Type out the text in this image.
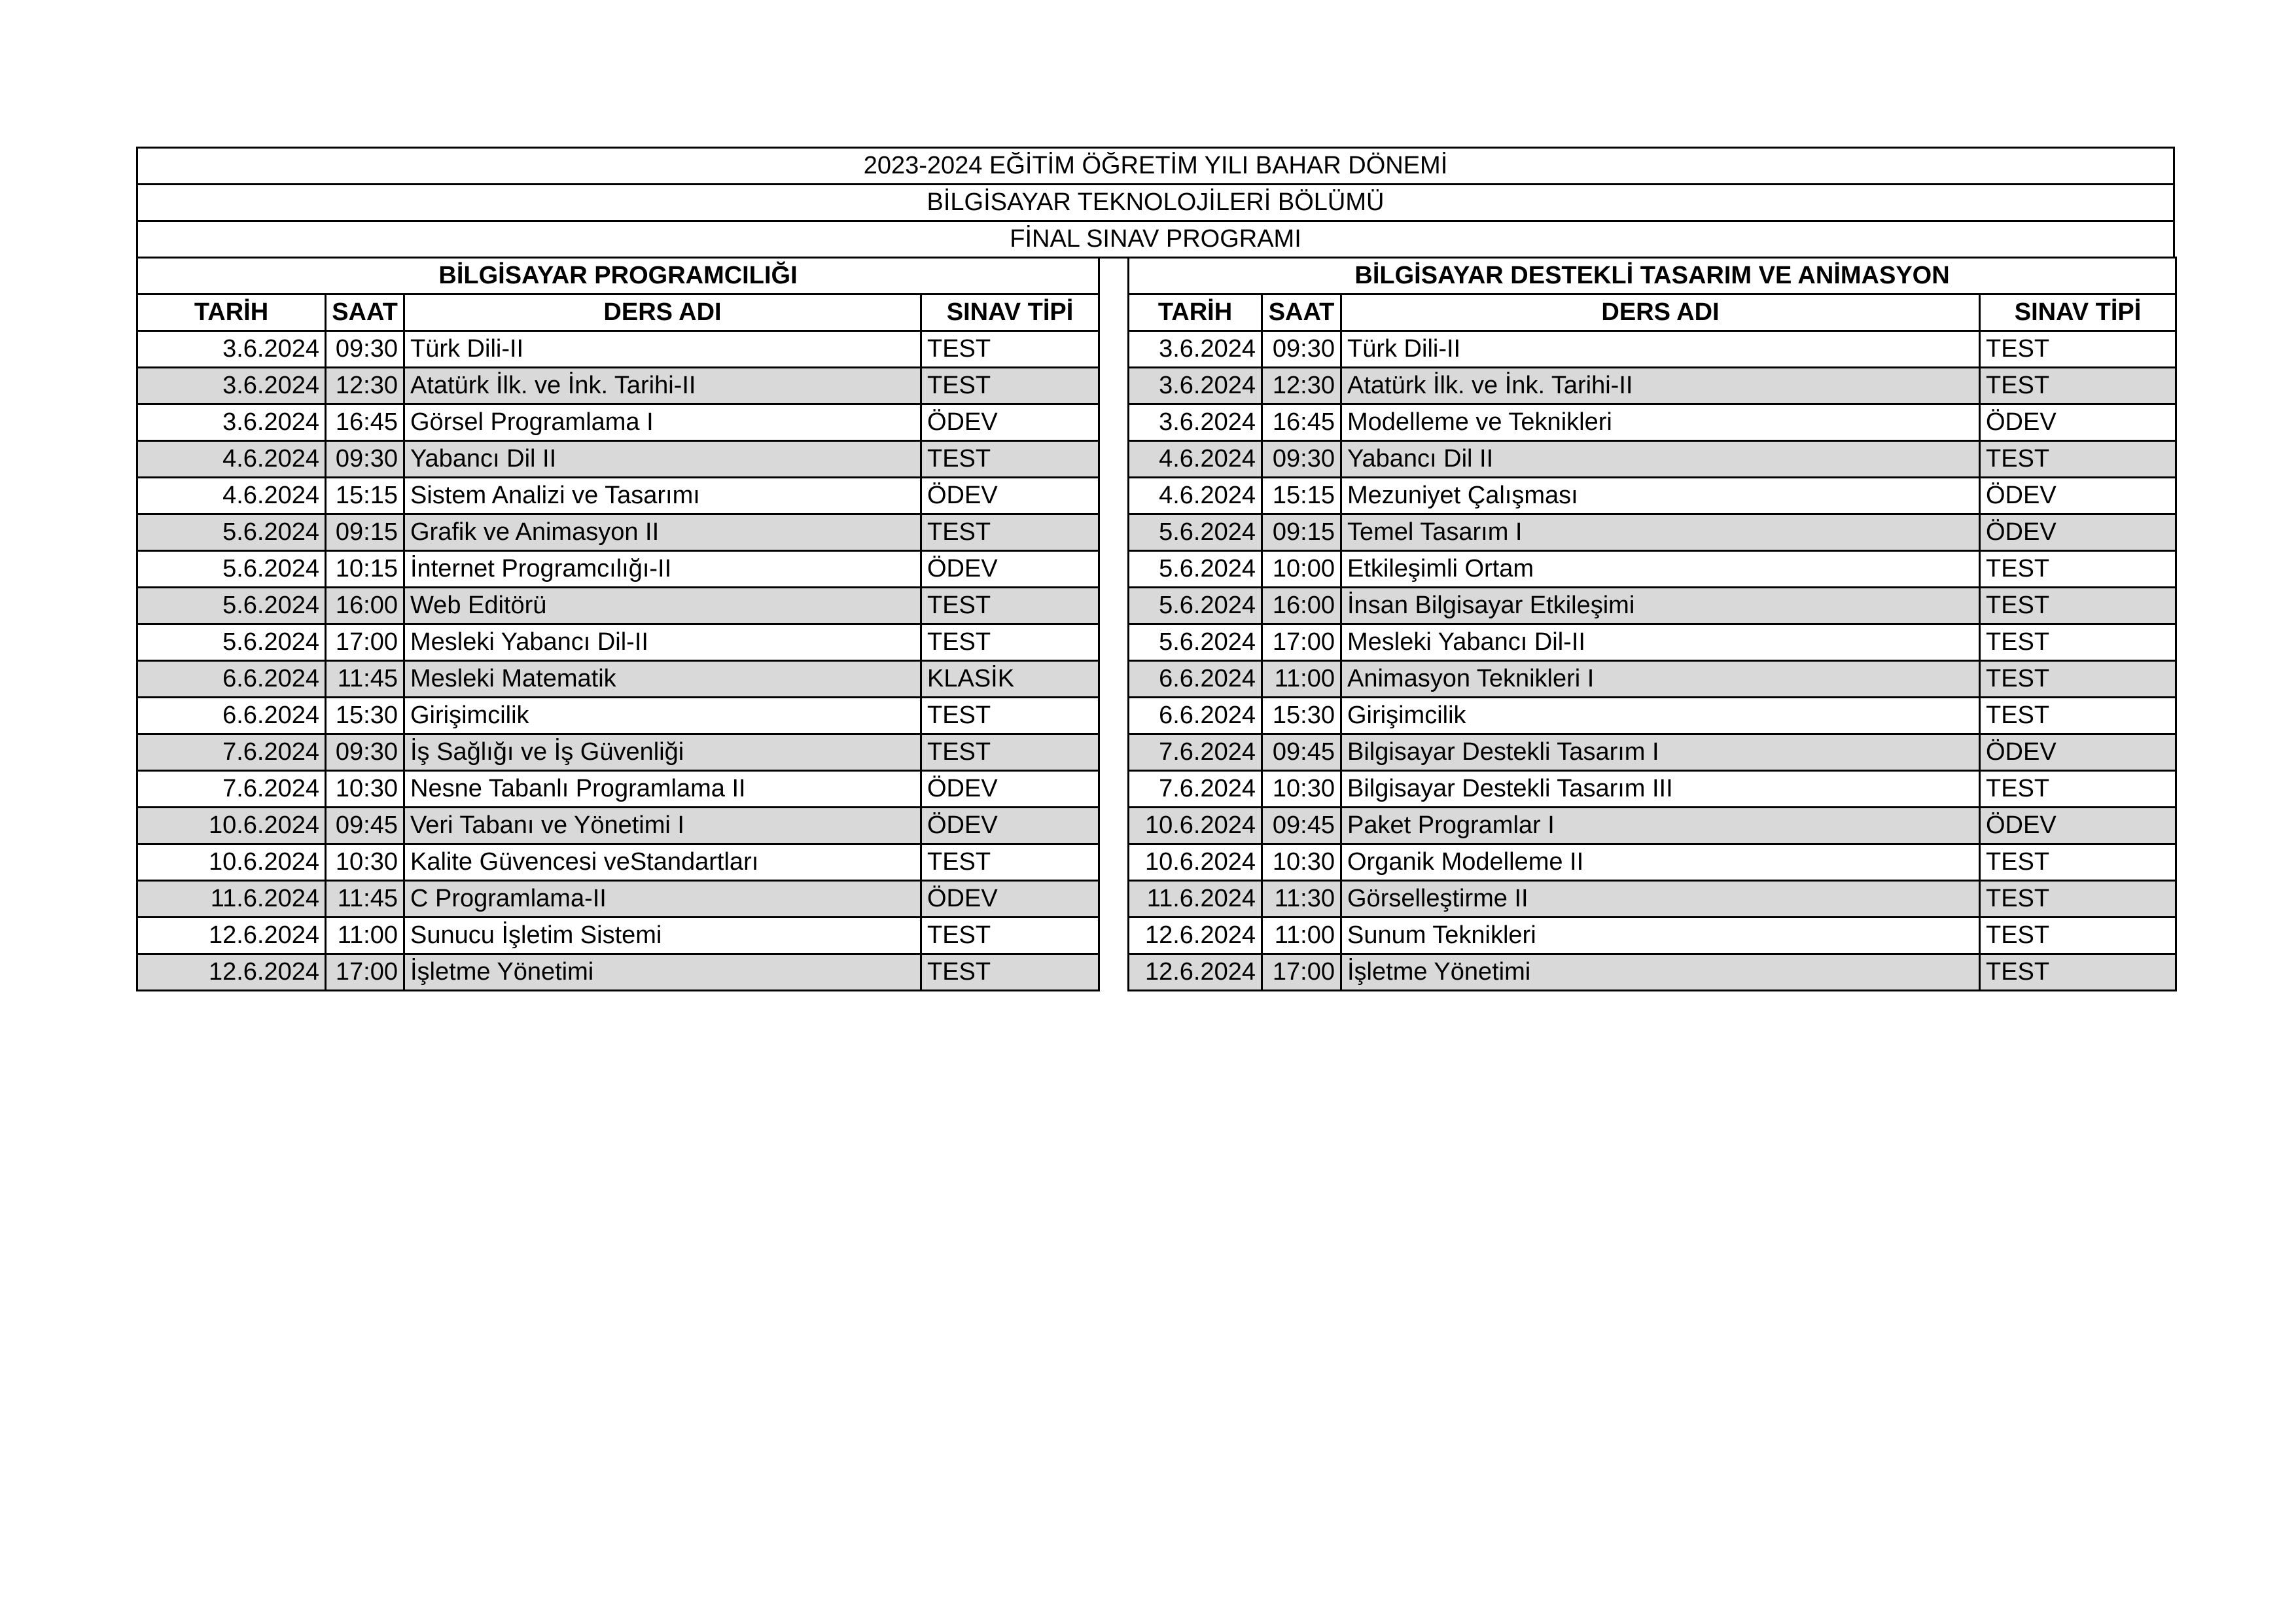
2023-2024 EĞİTİM ÖĞRETİM YILI BAHAR DÖNEMİ
BİLGİSAYAR TEKNOLOJİLERİ BÖLÜMÜ
FİNAL SINAV PROGRAMI
BİLGİSAYAR PROGRAMCILIĞI			
TARİH	SAAT	DERS ADI	SINAV TİPİ
3.6.2024	09:30	Türk Dili-II	TEST
3.6.2024	12:30	Atatürk İlk. ve İnk. Tarihi-II	TEST
3.6.2024	16:45	Görsel Programlama I	ÖDEV
4.6.2024	09:30	Yabancı Dil II	TEST
4.6.2024	15:15	Sistem Analizi ve Tasarımı	ÖDEV
5.6.2024	09:15	Grafik ve Animasyon II	TEST
5.6.2024	10:15	İnternet Programcılığı-II	ÖDEV
5.6.2024	16:00	Web Editörü	TEST
5.6.2024	17:00	Mesleki Yabancı Dil-II	TEST
6.6.2024	11:45	Mesleki Matematik	KLASİK
6.6.2024	15:30	Girişimcilik	TEST
7.6.2024	09:30	İş Sağlığı ve İş Güvenliği	TEST
7.6.2024	10:30	Nesne Tabanlı Programlama II	ÖDEV
10.6.2024	09:45	Veri Tabanı ve Yönetimi I	ÖDEV
10.6.2024	10:30	Kalite Güvencesi veStandartları	TEST
11.6.2024	11:45	C Programlama-II	ÖDEV
12.6.2024	11:00	Sunucu İşletim Sistemi	TEST
12.6.2024	17:00	İşletme Yönetimi	TEST
BİLGİSAYAR DESTEKLİ TASARIM VE ANİMASYON			
TARİH	SAAT	DERS ADI	SINAV TİPİ
3.6.2024	09:30	Türk Dili-II	TEST
3.6.2024	12:30	Atatürk İlk. ve İnk. Tarihi-II	TEST
3.6.2024	16:45	Modelleme ve Teknikleri	ÖDEV
4.6.2024	09:30	Yabancı Dil II	TEST
4.6.2024	15:15	Mezuniyet Çalışması	ÖDEV
5.6.2024	09:15	Temel Tasarım I	ÖDEV
5.6.2024	10:00	Etkileşimli Ortam	TEST
5.6.2024	16:00	İnsan Bilgisayar Etkileşimi	TEST
5.6.2024	17:00	Mesleki Yabancı Dil-II	TEST
6.6.2024	11:00	Animasyon Teknikleri I	TEST
6.6.2024	15:30	Girişimcilik	TEST
7.6.2024	09:45	Bilgisayar Destekli Tasarım I	ÖDEV
7.6.2024	10:30	Bilgisayar Destekli Tasarım III	TEST
10.6.2024	09:45	Paket Programlar I	ÖDEV
10.6.2024	10:30	Organik Modelleme II	TEST
11.6.2024	11:30	Görselleştirme II	TEST
12.6.2024	11:00	Sunum Teknikleri	TEST
12.6.2024	17:00	İşletme Yönetimi	TEST
